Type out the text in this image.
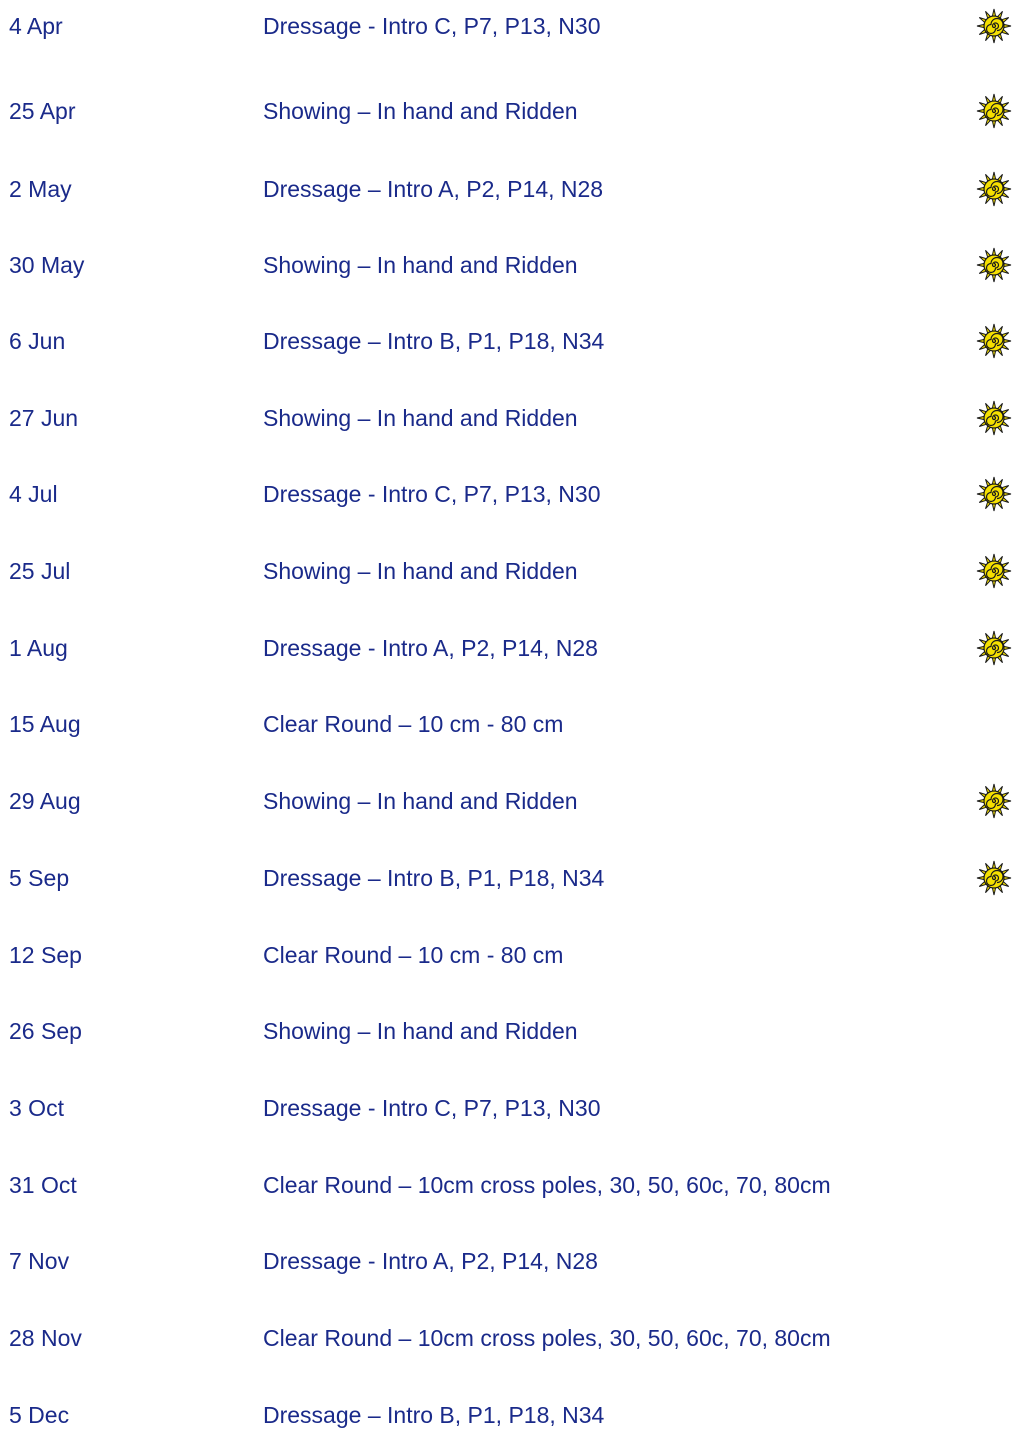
4 Apr	Dressage - Intro C, P7, P13, N30
25 Apr	Showing – In hand and Ridden
2 May	Dressage – Intro A, P2, P14, N28
30 May	Showing – In hand and Ridden
6 Jun	Dressage – Intro B, P1, P18, N34
27 Jun	Showing – In hand and Ridden
4 Jul	Dressage - Intro C, P7, P13, N30
25 Jul	Showing – In hand and Ridden
1 Aug	Dressage - Intro A, P2, P14, N28
15 Aug	Clear Round – 10 cm - 80 cm
29 Aug	Showing – In hand and Ridden
5 Sep	Dressage – Intro B, P1, P18, N34
12 Sep	Clear Round – 10 cm - 80 cm
26 Sep	Showing – In hand and Ridden
3 Oct	Dressage - Intro C, P7, P13, N30
31 Oct	Clear Round – 10cm cross poles, 30, 50, 60c, 70, 80cm
7 Nov	Dressage - Intro A, P2, P14, N28
28 Nov	Clear Round – 10cm cross poles, 30, 50, 60c, 70, 80cm
5 Dec	Dressage – Intro B, P1, P18, N34
